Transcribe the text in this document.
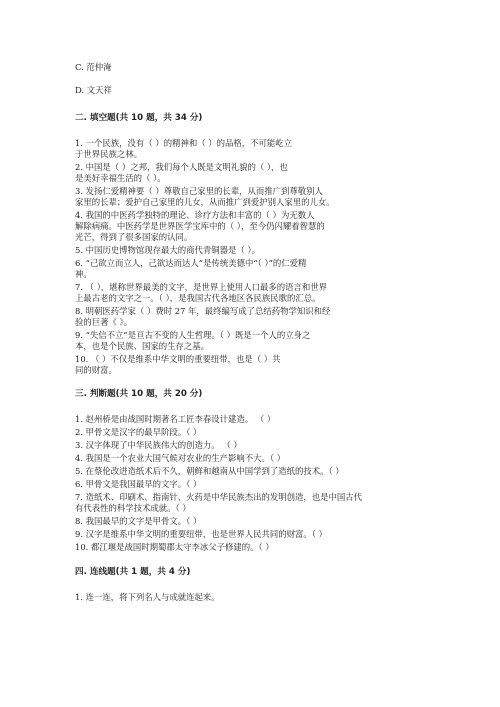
C. 范仲淹
D. 文天祥
二. 填空题(共 10 题，共 34 分)
1. 一个民族，没有（ ）的精神和（ ）的品格，不可能屹立
于世界民族之林。
2. 中国是（ ）之邦，我们每个人既是文明礼貌的（ ），也
是美好幸福生活的（ ）。
3. 发扬仁爱精神要（ ）尊敬自己家里的长辈，从而推广到尊敬别人
家里的长辈；爱护自己家里的儿女，从而推广到爱护别人家里的儿女。
4. 我国的中医药学独特的理论、诊疗方法和丰富的（ ）为无数人
解除病痛。中医药学是世界医学宝库中的（ ），至今仍闪耀着智慧的
光芒，得到了很多国家的认同。
5. 中国历史博物馆现存最大的商代青铜器是（ ）。
6. “己欲立而立人，己欲达而达人”是传统美德中“（ ）”的仁爱精
神。
7. （ ），堪称世界最美的文字，是世界上使用人口最多的语言和世界
上最古老的文字之一。（ ），是我国古代各地区各民族民歌的汇总。
8. 明朝医药学家（ ）费时 27 年，最终编写成了总结药物学知识和经
验的巨著《 》。
9. “失信不立”是亘古不变的人生哲理。（ ）既是一个人的立身之
本，也是个民族、国家的生存之基。
10. （ ）不仅是维系中华文明的重要纽带，也是（ ）共
同的财富。
三. 判断题(共 10 题，共 20 分)
1. 赵州桥是由战国时期著名工匠李春设计建造。 （ ）
2. 甲骨文是汉字的最早阶段。（ ）
3. 汉字体现了中华民族伟大的创造力。 （ ）
4. 我国是一个农业大国气候对农业的生产影响不大。（ ）
5. 在蔡伦改进造纸术后不久，朝鲜和越南从中国学到了造纸的技术。（ ）
6. 甲骨文是我国最早的文字。（ ）
7. 造纸术、印刷术、指南针、火药是中华民族杰出的发明创造，也是中国古代
有代表性的科学技术成就。（ ）
8. 我国最早的文字是甲骨文。（ ）
9. 汉字是维系中华文明的重要纽带，也是世界人民共同的财富。（ ）
10. 都江堰是战国时期蜀郡太守李冰父子修建的。（ ）
四. 连线题(共 1 题，共 4 分)
1. 连一连，将下列名人与成就连起来。
